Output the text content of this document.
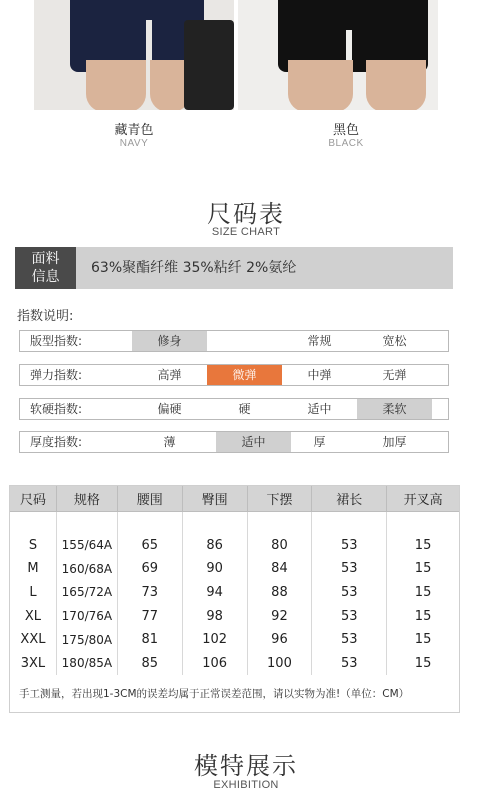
藏青色
NAVY
黑色
BLACK
尺码表
SIZE CHART
面料
信息
63%聚酯纤维 35%粘纤 2%氨纶
指数说明:
版型指数:	修身	常规	宽松
弹力指数:	高弹	微弹	中弹	无弹
软硬指数:	偏硬	硬	适中	柔软
厚度指数:	薄	适中	厚	加厚
尺码	规格	腰围	臀围	下摆	裙长	开叉高

S	155/64A	65	86	80	53	15
M	160/68A	69	90	84	53	15
L	165/72A	73	94	88	53	15
XL	170/76A	77	98	92	53	15
XXL	175/80A	81	102	96	53	15
3XL	180/85A	85	106	100	53	15
手工测量，若出现1-3CM的误差均属于正常误差范围，请以实物为准!（单位：CM）
模特展示
EXHIBITION
